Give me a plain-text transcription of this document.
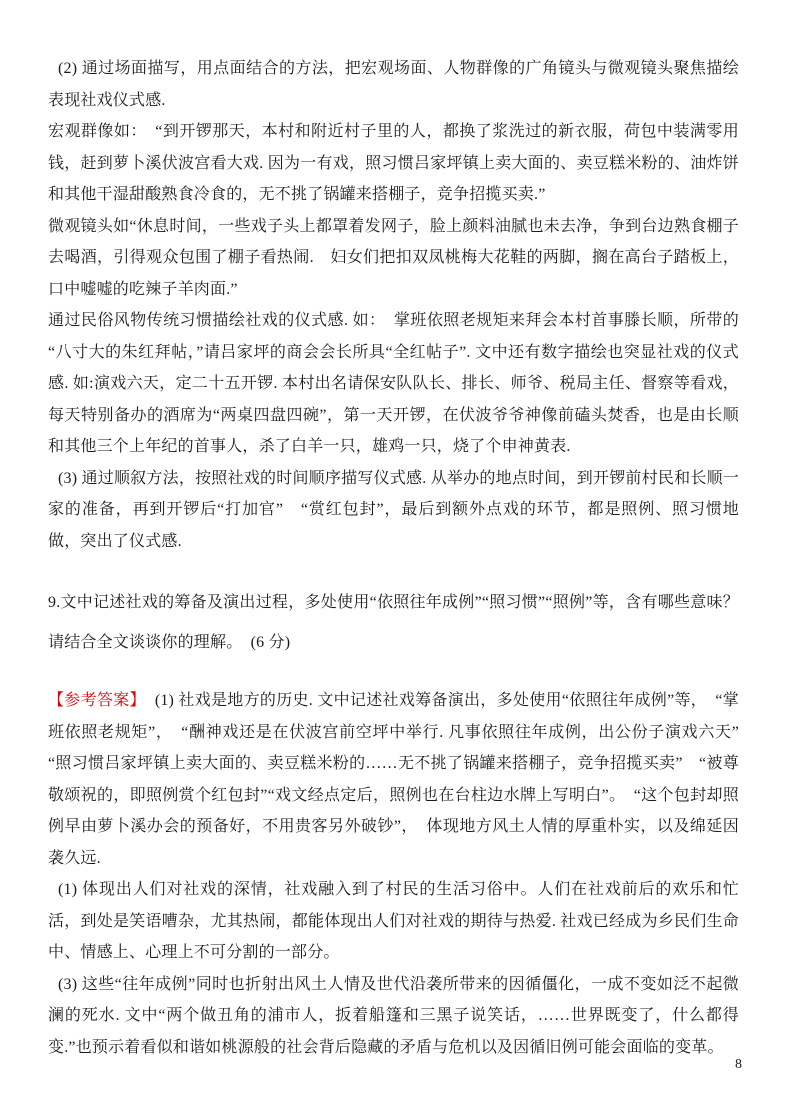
(2) 通过场面描写，用点面结合的方法，把宏观场面、人物群像的广角镜头与微观镜头聚焦描绘表现社戏仪式感.

宏观群像如：　“到开锣那天，本村和附近村子里的人，都换了浆洗过的新衣服，荷包中装满零用钱，赶到萝卜溪伏波宫看大戏. 因为一有戏，照习惯吕家坪镇上卖大面的、卖豆糕米粉的、油炸饼和其他干湿甜酸熟食冷食的，无不挑了锅罐来搭棚子，竞争招揽买卖.”

微观镜头如“休息时间，一些戏子头上都罩着发网子，脸上颜料油腻也未去净，争到台边熟食棚子去喝酒，引得观众包围了棚子看热闹.　妇女们把扣双凤桃梅大花鞋的两脚，搁在高台子踏板上，口中嘘嘘的吃辣子羊肉面.”

通过民俗风物传统习惯描绘社戏的仪式感. 如：　掌班依照老规矩来拜会本村首事滕长顺，所带的“八寸大的朱红拜帖，”请吕家坪的商会会长所具“全红帖子”. 文中还有数字描绘也突显社戏的仪式感. 如:演戏六天，定二十五开锣. 本村出名请保安队队长、排长、师爷、税局主任、督察等看戏，每天特别备办的酒席为“两桌四盘四碗”，第一天开锣，在伏波爷爷神像前磕头焚香，也是由长顺和其他三个上年纪的首事人，杀了白羊一只，雄鸡一只，烧了个申神黄表.

(3) 通过顺叙方法，按照社戏的时间顺序描写仪式感. 从举办的地点时间，到开锣前村民和长顺一家的准备，再到开锣后“打加官”　“赏红包封”，最后到额外点戏的环节，都是照例、照习惯地做，突出了仪式感.

9.文中记述社戏的筹备及演出过程，多处使用“依照往年成例”“照习惯”“照例”等，含有哪些意味？请结合全文谈谈你的理解。　(6 分)

【参考答案】 (1) 社戏是地方的历史. 文中记述社戏筹备演出，多处使用“依照往年成例”等，　“掌班依照老规矩”，　“酬神戏还是在伏波宫前空坪中举行. 凡事依照往年成例，出公份子演戏六天”“照习惯吕家坪镇上卖大面的、卖豆糕米粉的……无不挑了锅罐来搭棚子，竞争招揽买卖”　“被尊敬颂祝的，即照例赏个红包封”“戏文经点定后，照例也在台柱边水牌上写明白”。　“这个包封却照例早由萝卜溪办会的预备好，不用贵客另外破钞”，　体现地方风土人情的厚重朴实，以及绵延因袭久远.

(1) 体现出人们对社戏的深情，社戏融入到了村民的生活习俗中。人们在社戏前后的欢乐和忙活，到处是笑语嘈杂，尤其热闹，都能体现出人们对社戏的期待与热爱. 社戏已经成为乡民们生命中、情感上、心理上不可分割的一部分。

(3) 这些“往年成例”同时也折射出风土人情及世代沿袭所带来的因循僵化，一成不变如泛不起微澜的死水. 文中“两个做丑角的浦市人，扳着船篷和三黑子说笑话，……世界既变了，什么都得变.”也预示着看似和谐如桃源般的社会背后隐藏的矛盾与危机以及因循旧例可能会面临的变革。

8
